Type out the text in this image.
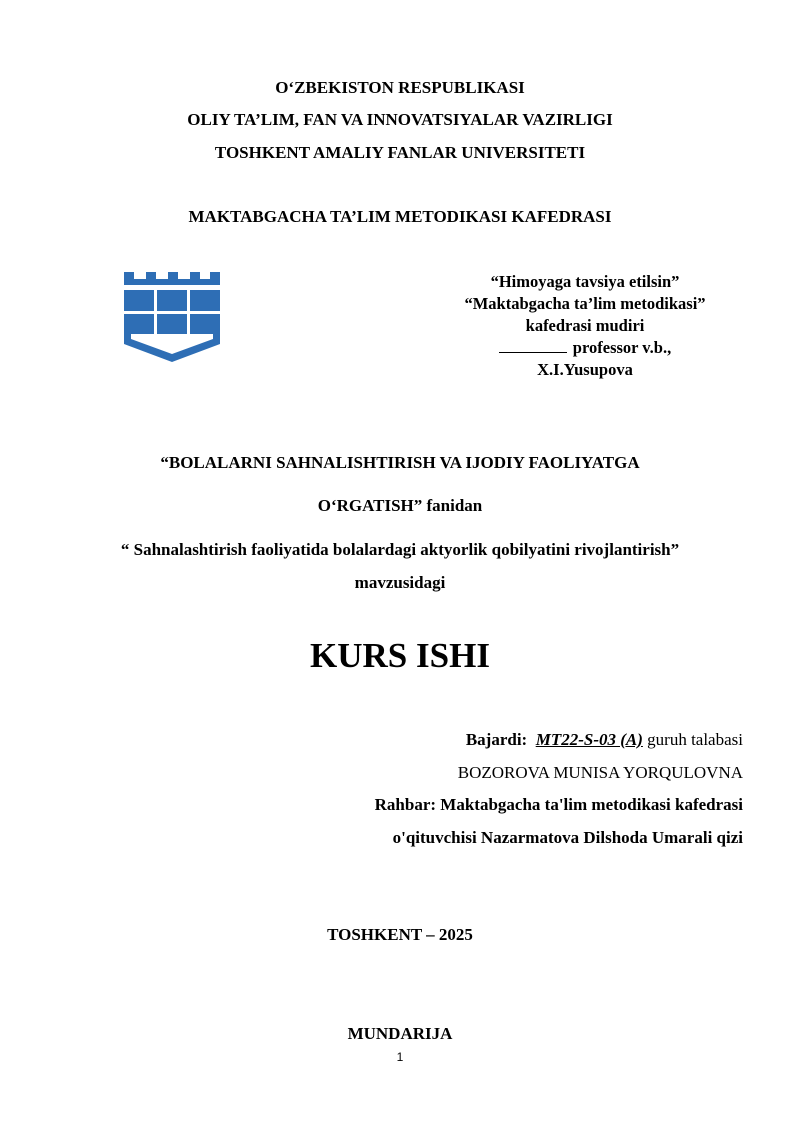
O‘ZBEKISTON RESPUBLIKASI
OLIY TA’LIM, FAN VA INNOVATSIYALAR VAZIRLIGI
TOSHKENT AMALIY FANLAR UNIVERSITETI
MAKTABGACHA TA’LIM METODIKASI KAFEDRASI
“Himoyaga tavsiya etilsin”
“Maktabgacha ta’lim metodikasi”
kafedrasi mudiri
professor v.b.,
X.I.Yusupova
“BOLALARNI SAHNALISHTIRISH VA IJODIY FAOLIYATGA
O‘RGATISH” fanidan
“ Sahnalashtirish faoliyatida bolalardagi aktyorlik qobilyatini rivojlantirish”
mavzusidagi
KURS ISHI
Bajardi: MT22-S-03 (A) guruh talabasi
BOZOROVA MUNISA YORQULOVNA
Rahbar: Maktabgacha ta'lim metodikasi kafedrasi
o'qituvchisi Nazarmatova Dilshoda Umarali qizi
TOSHKENT – 2025
MUNDARIJA
1
